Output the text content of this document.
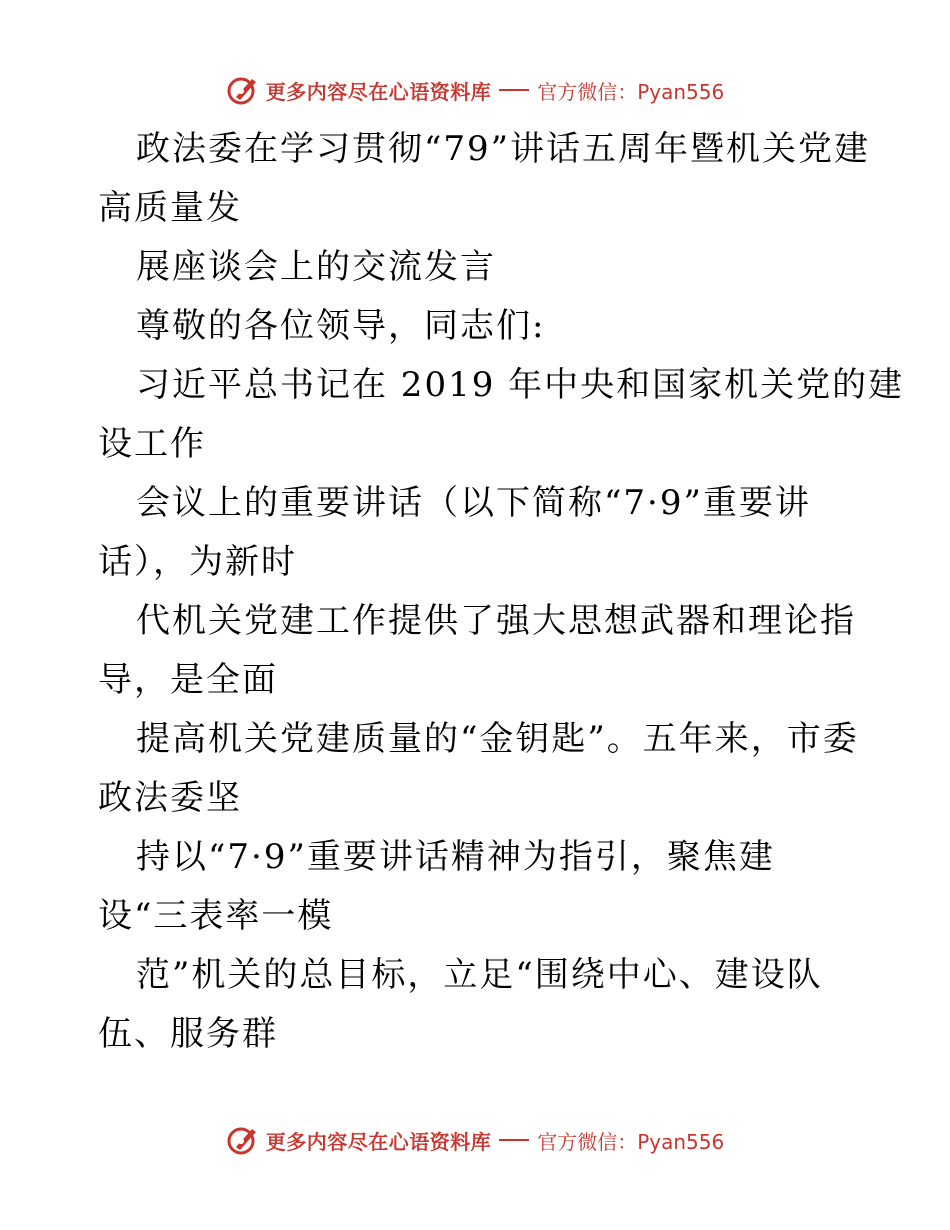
更多内容尽在心语资料库 官方微信：Pyan556
政法委在学习贯彻“79”讲话五周年暨机关党建
高质量发
展座谈会上的交流发言
尊敬的各位领导，同志们:
习近平总书记在 2019 年中央和国家机关党的建
设工作
会议上的重要讲话（以下简称“7·9”重要讲
话），为新时
代机关党建工作提供了强大思想武器和理论指
导，是全面
提高机关党建质量的“金钥匙”。五年来，市委
政法委坚
持以“7·9”重要讲话精神为指引，聚焦建
设“三表率一模
范”机关的总目标，立足“围绕中心、建设队
伍、服务群
更多内容尽在心语资料库 官方微信：Pyan556
